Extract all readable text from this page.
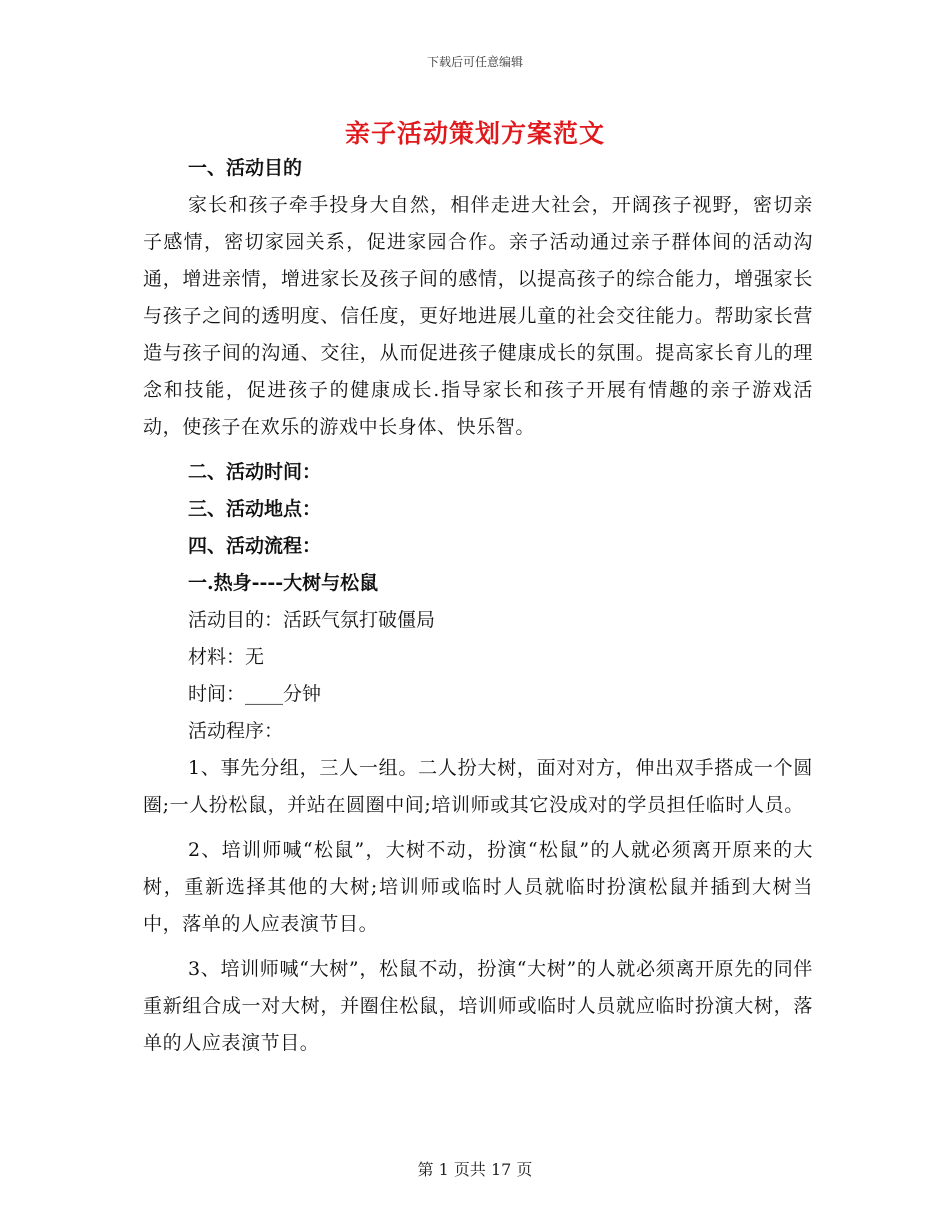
下载后可任意编辑
亲子活动策划方案范文
一、活动目的

家长和孩子牵手投身大自然，相伴走进大社会，开阔孩子视野，密切亲子感情，密切家园关系，促进家园合作。亲子活动通过亲子群体间的活动沟通，增进亲情，增进家长及孩子间的感情，以提高孩子的综合能力，增强家长与孩子之间的透明度、信任度，更好地进展儿童的社会交往能力。帮助家长营造与孩子间的沟通、交往，从而促进孩子健康成长的氛围。提高家长育儿的理念和技能，促进孩子的健康成长.指导家长和孩子开展有情趣的亲子游戏活动，使孩子在欢乐的游戏中长身体、快乐智。

二、活动时间：
三、活动地点：
四、活动流程：
一.热身----大树与松鼠
活动目的：活跃气氛打破僵局
材料：无
时间：____分钟
活动程序：

1、事先分组，三人一组。二人扮大树，面对对方，伸出双手搭成一个圆圈;一人扮松鼠，并站在圆圈中间;培训师或其它没成对的学员担任临时人员。

2、培训师喊“松鼠”，大树不动，扮演“松鼠”的人就必须离开原来的大树，重新选择其他的大树;培训师或临时人员就临时扮演松鼠并插到大树当中，落单的人应表演节目。

3、培训师喊“大树”，松鼠不动，扮演“大树”的人就必须离开原先的同伴重新组合成一对大树，并圈住松鼠，培训师或临时人员就应临时扮演大树，落单的人应表演节目。

第 1 页共 17 页
